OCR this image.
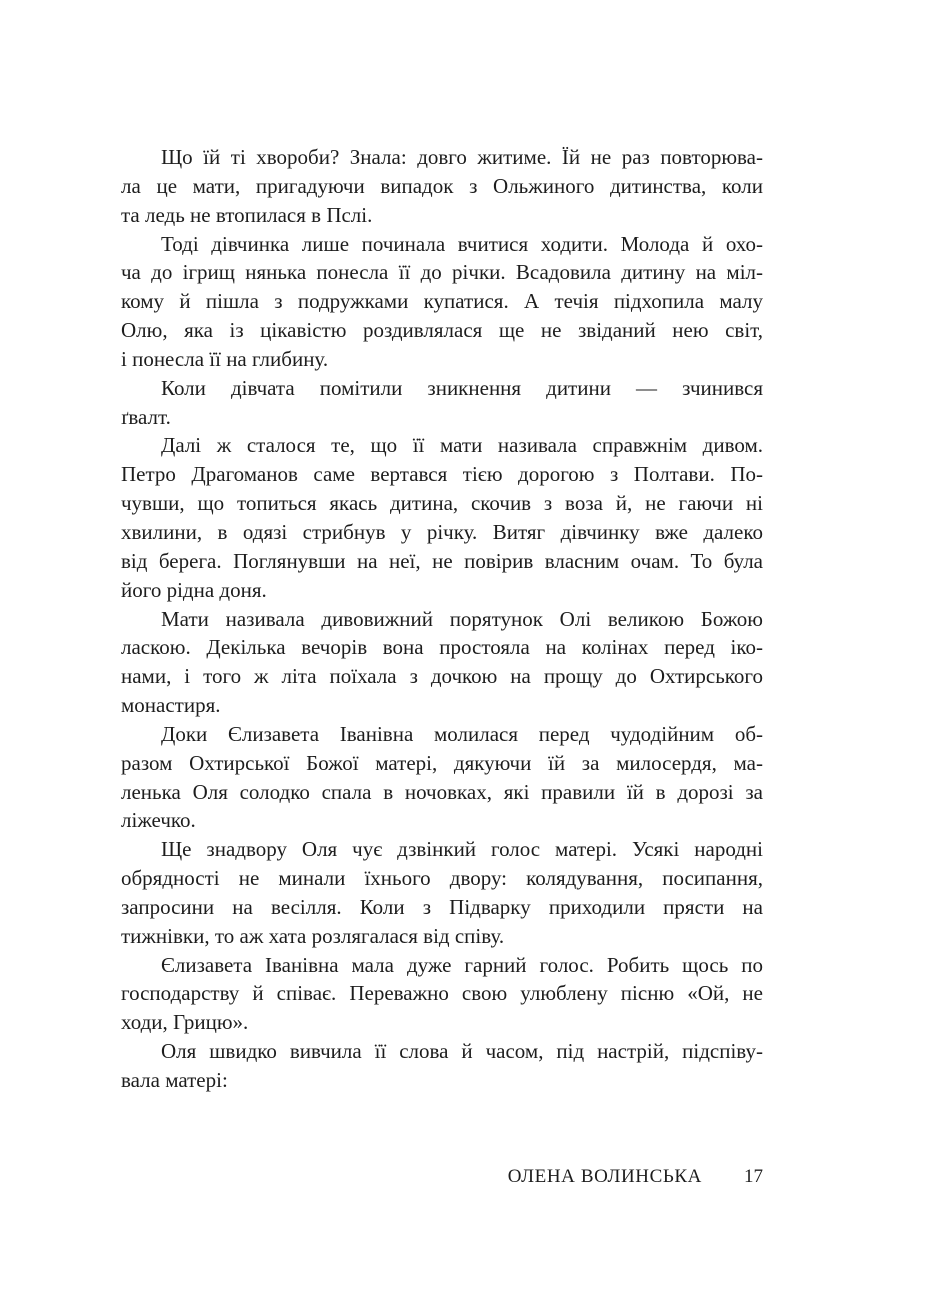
Що їй ті хвороби? Знала: довго житиме. Їй не раз повторюва-
ла це мати, пригадуючи випадок з Ольжиного дитинства, коли
та ледь не втопилася в Пслі.
Тоді дівчинка лише починала вчитися ходити. Молода й охо-
ча до ігрищ нянька понесла її до річки. Всадовила дитину на міл-
кому й пішла з подружками купатися. А течія підхопила малу
Олю, яка із цікавістю роздивлялася ще не звіданий нею світ,
і понесла її на глибину.
Коли дівчата помітили зникнення дитини — зчинився
ґвалт.
Далі ж сталося те, що її мати називала справжнім дивом.
Петро Драгоманов саме вертався тією дорогою з Полтави. По-
чувши, що топиться якась дитина, скочив з воза й, не гаючи ні
хвилини, в одязі стрибнув у річку. Витяг дівчинку вже далеко
від берега. Поглянувши на неї, не повірив власним очам. То була
його рідна доня.
Мати називала дивовижний порятунок Олі великою Божою
ласкою. Декілька вечорів вона простояла на колінах перед іко-
нами, і того ж літа поїхала з дочкою на прощу до Охтирського
монастиря.
Доки Єлизавета Іванівна молилася перед чудодійним об-
разом Охтирської Божої матері, дякуючи їй за милосердя, ма-
ленька Оля солодко спала в ночовках, які правили їй в дорозі за
ліжечко.
Ще знадвору Оля чує дзвінкий голос матері. Усякі народні
обрядності не минали їхнього двору: колядування, посипання,
запросини на весілля. Коли з Підварку приходили прясти на
тижнівки, то аж хата розлягалася від співу.
Єлизавета Іванівна мала дуже гарний голос. Робить щось по
господарству й співає. Переважно свою улюблену пісню «Ой, не
ходи, Грицю».
Оля швидко вивчила її слова й часом, під настрій, підспіву-
вала матері:
ОЛЕНА ВОЛИНСЬКА 17
